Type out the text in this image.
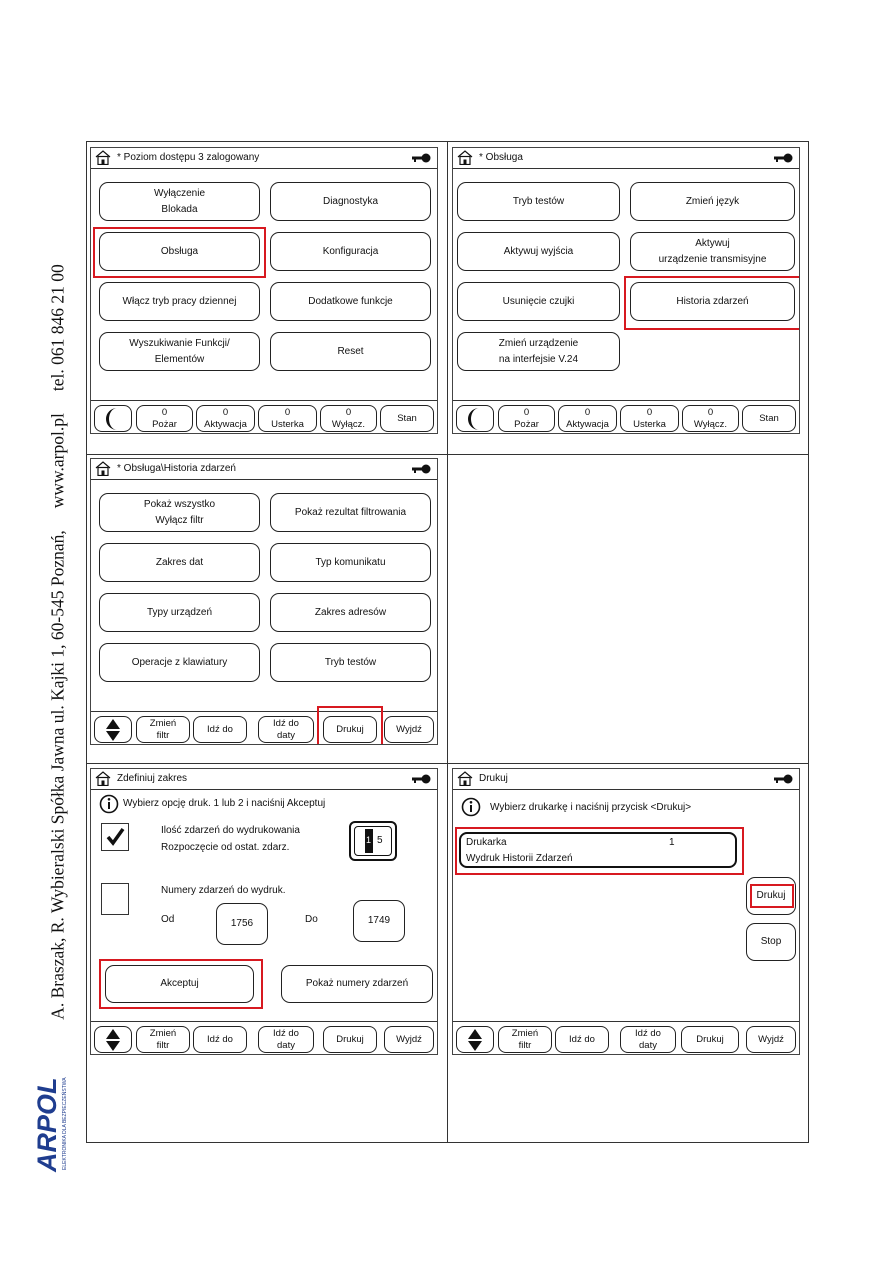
A. Braszak, R. Wybieralski Spółka Jawna ul. Kajki 1, 60-545 Poznań,www.arpol.pltel. 061 846 21 00
ARPOL ELEKTRONIKA DLA BEZPIECZEŃSTWA
* Poziom dostępu 3 zalogowany
Wyłączenie
Blokada
Diagnostyka
Obsługa	Konfiguracja
Włącz tryb pracy dziennej	Dodatkowe funkcje
Wyszukiwanie Funkcji/
Elementów
Reset
0
Pożar
0
Aktywacja
0
Usterka
0
Wyłącz.
Stan
* Obsługa
Tryb testów	Zmień język
Aktywuj wyjścia
Aktywuj
urządzenie transmisyjne
Usunięcie czujki	Historia zdarzeń
Zmień urządzenie
na interfejsie V.24
0
Pożar
0
Aktywacja
0
Usterka
0
Wyłącz.
Stan
* Obsługa\Historia zdarzeń
Pokaż wszystko
Wyłącz filtr
Pokaż rezultat filtrowania
Zakres dat	Typ komunikatu
Typy urządzeń	Zakres adresów
Operacje z klawiatury	Tryb testów
Zmień
filtr
Idź do
Idź do
daty
Drukuj	Wyjdź
Zdefiniuj zakres
Wybierz opcję druk. 1 lub 2 i naciśnij Akceptuj
Ilość zdarzeń do wydrukowania
Rozpoczęcie od ostat. zdarz.
1 5
Numery zdarzeń do wydruk.
Od	1756	Do	1749
Akceptuj	Pokaż numery zdarzeń
Zmień
filtr
Idź do
Idź do
daty
Drukuj	Wyjdź
Drukuj
Wybierz drukarkę i naciśnij przycisk <Drukuj>
Drukarka	1
Wydruk Historii Zdarzeń
Drukuj
Stop
Zmień
filtr
Idź do
Idź do
daty
Drukuj	Wyjdź
